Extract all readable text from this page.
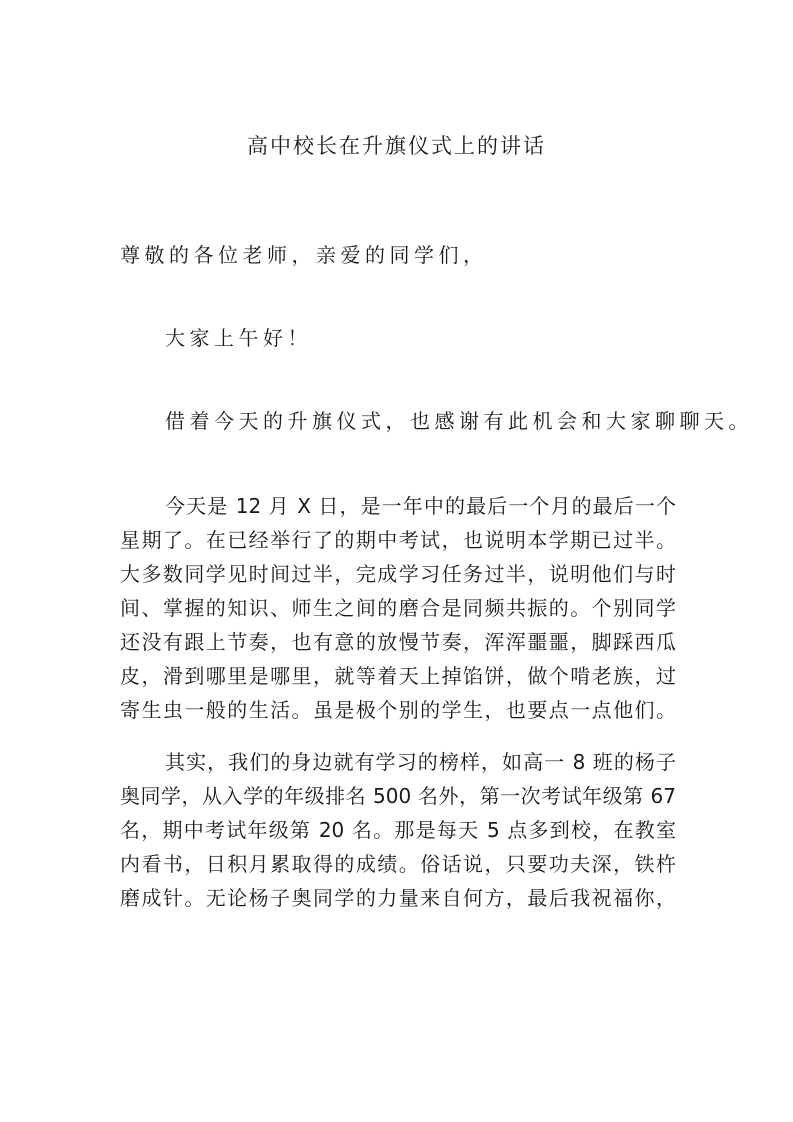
高中校长在升旗仪式上的讲话
尊敬的各位老师，亲爱的同学们，
大家上午好！
借着今天的升旗仪式，也感谢有此机会和大家聊聊天。
今天是 12 月 X 日，是一年中的最后一个月的最后一个
星期了。在已经举行了的期中考试，也说明本学期已过半。
大多数同学见时间过半，完成学习任务过半，说明他们与时
间、掌握的知识、师生之间的磨合是同频共振的。个别同学
还没有跟上节奏，也有意的放慢节奏，浑浑噩噩，脚踩西瓜
皮，滑到哪里是哪里，就等着天上掉馅饼，做个啃老族，过
寄生虫一般的生活。虽是极个别的学生，也要点一点他们。
其实，我们的身边就有学习的榜样，如高一 8 班的杨子
奥同学，从入学的年级排名 500 名外，第一次考试年级第 67
名，期中考试年级第 20 名。那是每天 5 点多到校，在教室
内看书，日积月累取得的成绩。俗话说，只要功夫深，铁杵
磨成针。无论杨子奥同学的力量来自何方，最后我祝福你，
